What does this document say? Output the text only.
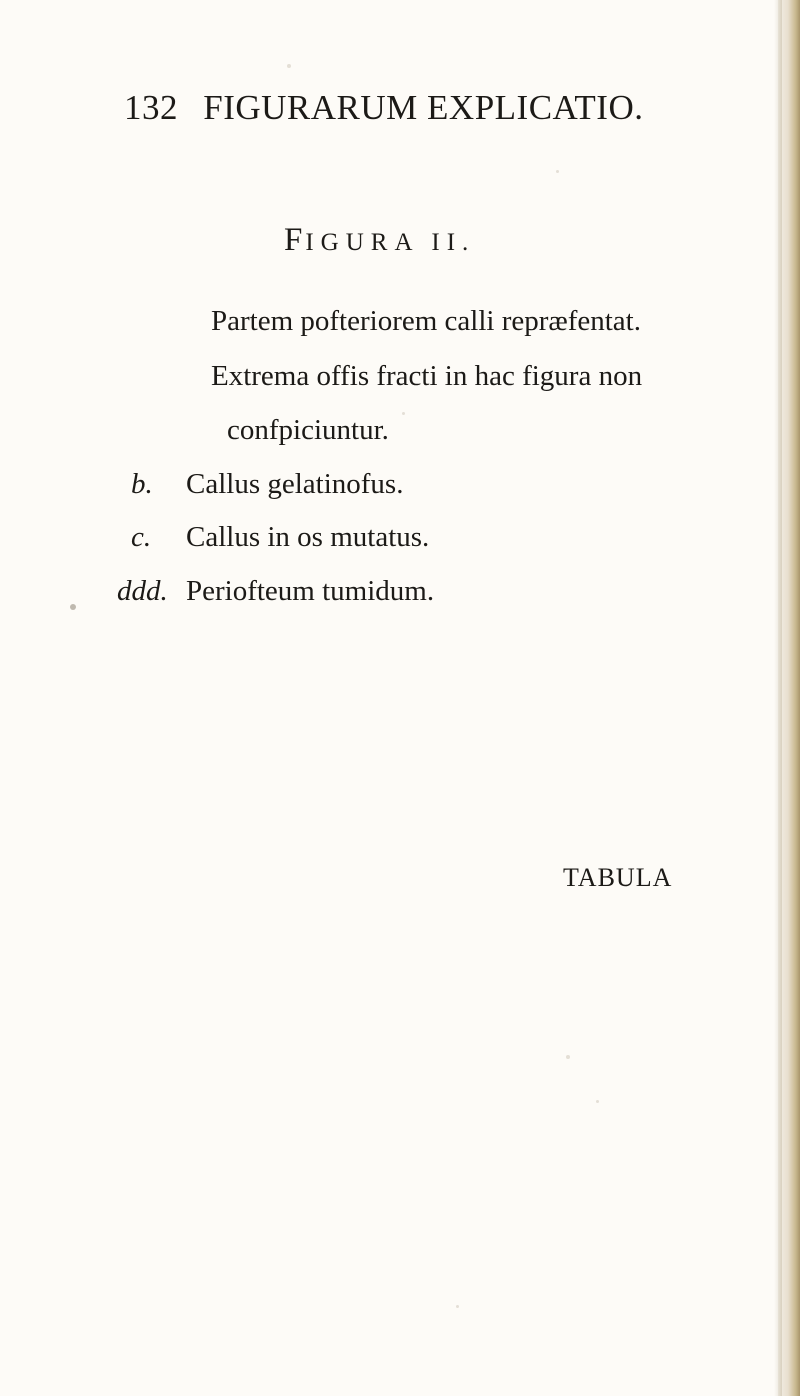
132 FIGURARUM EXPLICATIO.
FIGURA II.
Partem pofteriorem calli repræfentat.
Extrema offis fracti in hac figura non
confpiciuntur.
b. Callus gelatinofus.
c. Callus in os mutatus.
ddd. Periofteum tumidum.
TABULA
